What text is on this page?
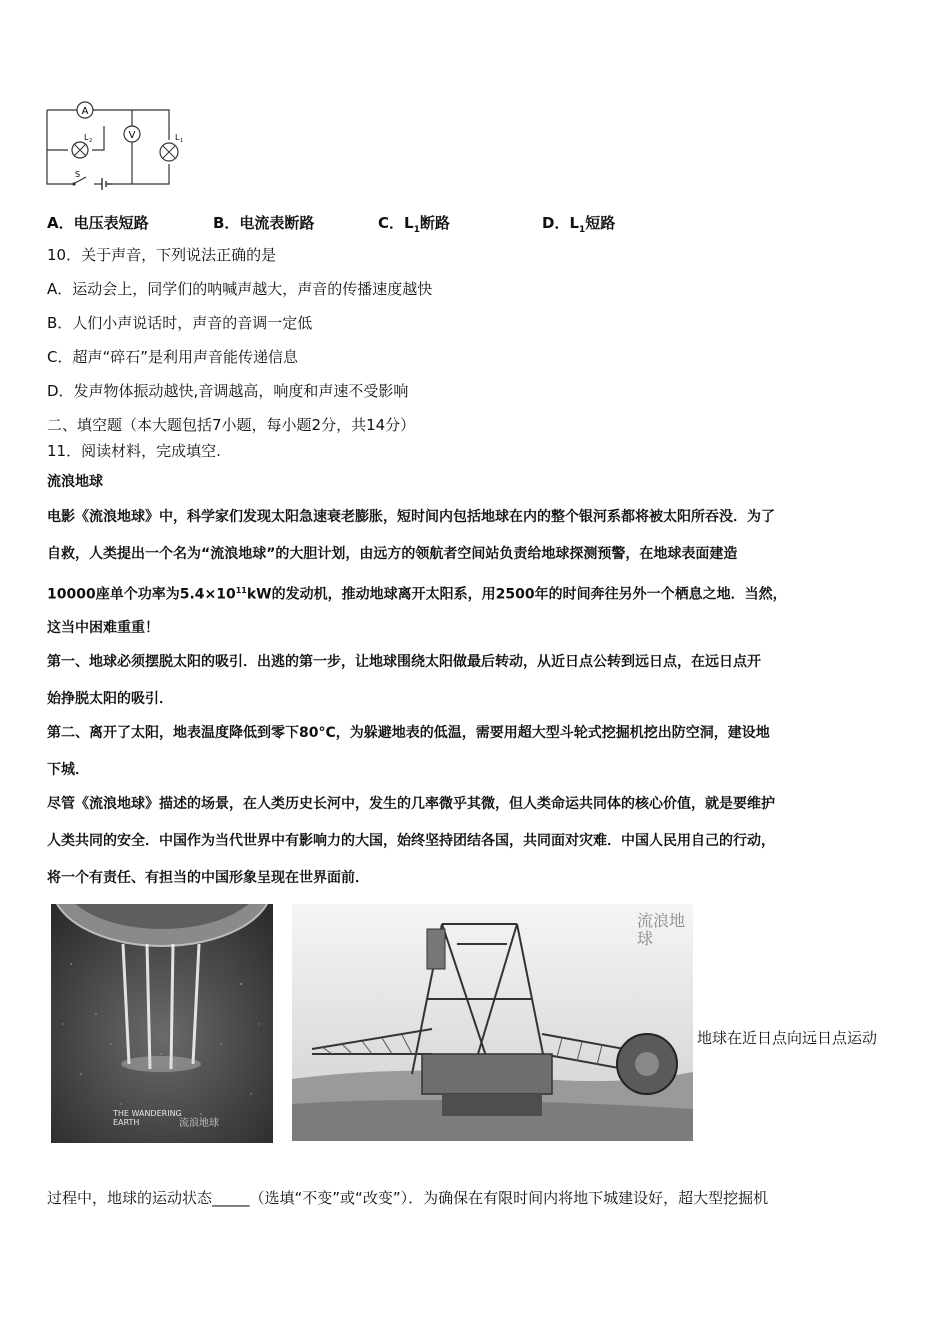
A
V
L 2	L 1
S
A．电压表短路	B．电流表断路	C．$L_1$断路	D．$L_1$短路
10．关于声音，下列说法正确的是
A．运动会上，同学们的呐喊声越大，声音的传播速度越快
B．人们小声说话时，声音的音调一定低
C．超声“碎石”是利用声音能传递信息
D．发声物体振动越快,音调越高，响度和声速不受影响
二、填空题（本大题包括7小题，每小题2分，共14分）
11．阅读材料，完成填空.
流浪地球
电影《流浪地球》中，科学家们发现太阳急速衰老膨胀，短时间内包括地球在内的整个银河系都将被太阳所吞没．为了
自救，人类提出一个名为“流浪地球”的大胆计划，由远方的领航者空间站负责给地球探测预警，在地球表面建造
10000座单个功率为$5.4\times 10^{11}kW$的发动机，推动地球离开太阳系，用2500年的时间奔往另外一个栖息之地．当然，
这当中困难重重！
第一、地球必须摆脱太阳的吸引．出逃的第一步，让地球围绕太阳做最后转动，从近日点公转到远日点，在远日点开
始挣脱太阳的吸引．
第二、离开了太阳，地表温度降低到零下80°C，为躲避地表的低温，需要用超大型斗轮式挖掘机挖出防空洞，建设地
下城．
尽管《流浪地球》描述的场景，在人类历史长河中，发生的几率微乎其微，但人类命运共同体的核心价值，就是要维护
人类共同的安全．中国作为当代世界中有影响力的大国，始终坚持团结各国，共同面对灾难．中国人民用自己的行动，
将一个有责任、有担当的中国形象呈现在世界面前．
THE WANDERING EARTH	流浪地球
流浪地球
地球在近日点向远日点运动
过程中，地球的运动状态_____（选填“不变”或“改变”）．为确保在有限时间内将地下城建设好，超大型挖掘机
